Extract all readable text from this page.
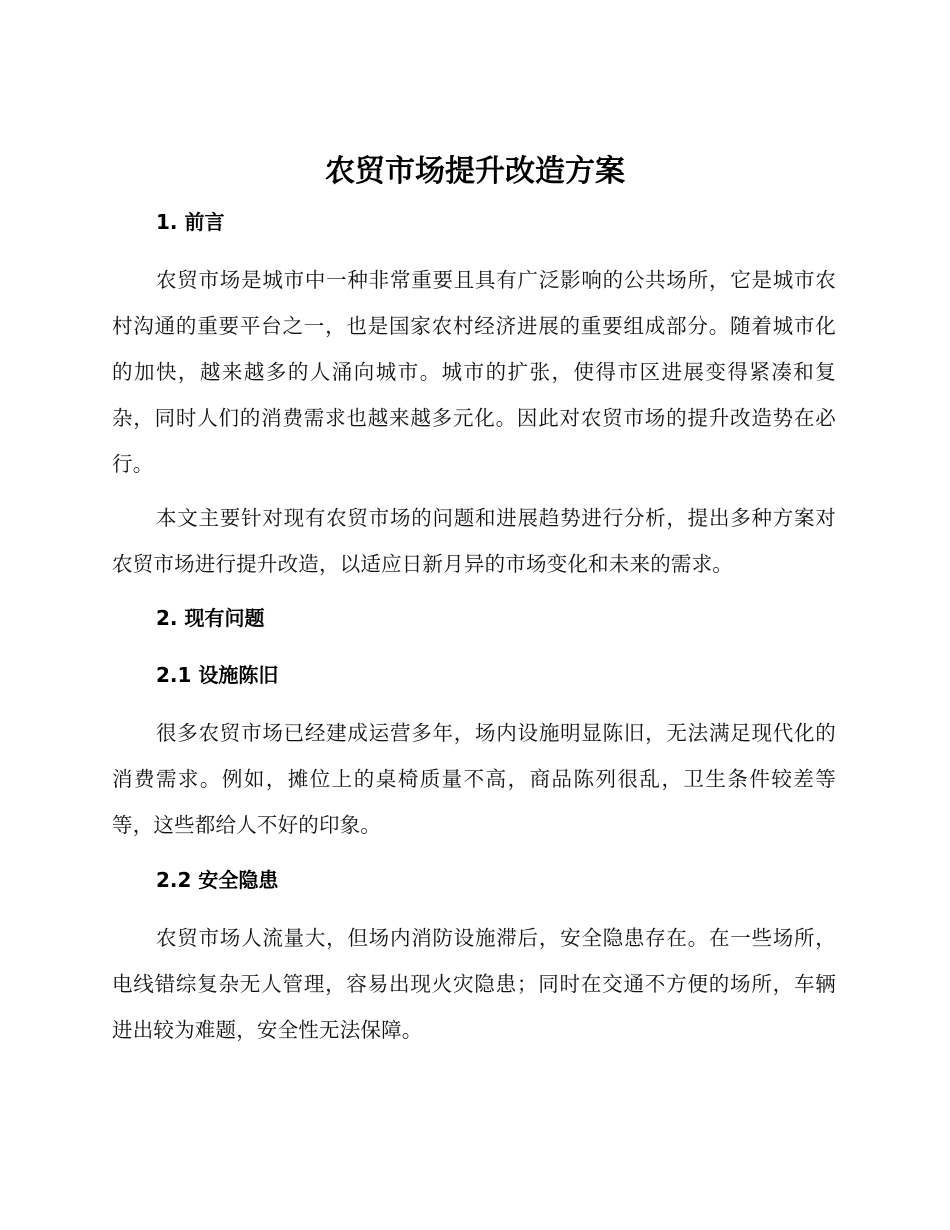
农贸市场提升改造方案
1. 前言

农贸市场是城市中一种非常重要且具有广泛影响的公共场所，它是城市农村沟通的重要平台之一，也是国家农村经济进展的重要组成部分。随着城市化的加快，越来越多的人涌向城市。城市的扩张，使得市区进展变得紧凑和复杂，同时人们的消费需求也越来越多元化。因此对农贸市场的提升改造势在必行。

本文主要针对现有农贸市场的问题和进展趋势进行分析，提出多种方案对农贸市场进行提升改造，以适应日新月异的市场变化和未来的需求。

2. 现有问题
2.1 设施陈旧

很多农贸市场已经建成运营多年，场内设施明显陈旧，无法满足现代化的消费需求。例如，摊位上的桌椅质量不高，商品陈列很乱，卫生条件较差等等，这些都给人不好的印象。

2.2 安全隐患

农贸市场人流量大，但场内消防设施滞后，安全隐患存在。在一些场所，电线错综复杂无人管理，容易出现火灾隐患；同时在交通不方便的场所，车辆进出较为难题，安全性无法保障。
